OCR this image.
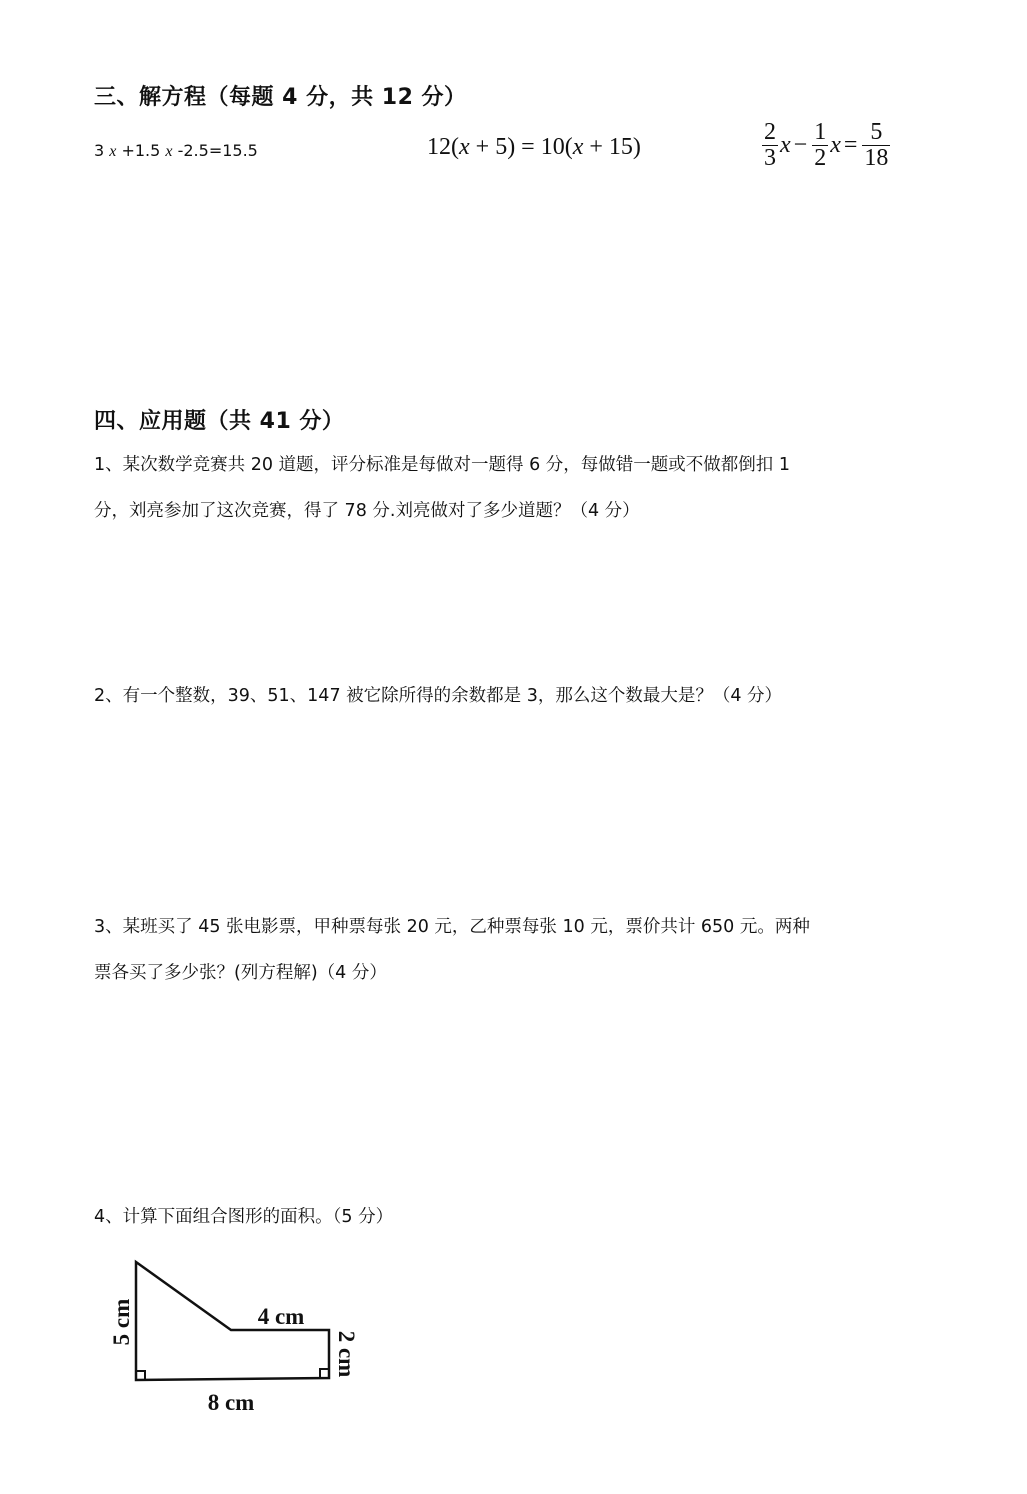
三、解方程（每题 4 分，共 12 分）
3 x +1.5 x -2.5=15.5	12(x + 5) = 10(x + 15)	$\frac{2}{3}$ $x - \frac{1}{2}$ $x = \frac{5}{18}$
四、应用题（共 41 分）
1、某次数学竞赛共 20 道题，评分标准是每做对一题得 6 分，每做错一题或不做都倒扣 1
分，刘亮参加了这次竞赛，得了 78 分.刘亮做对了多少道题？（4 分）
2、有一个整数，39、51、147 被它除所得的余数都是 3，那么这个数最大是？（4 分）
3、某班买了 45 张电影票，甲种票每张 20 元，乙种票每张 10 元，票价共计 650 元。两种
票各买了多少张？(列方程解)（4 分）
4、计算下面组合图形的面积。（5 分）
5 cm	4 cm
2 cm
8 cm
